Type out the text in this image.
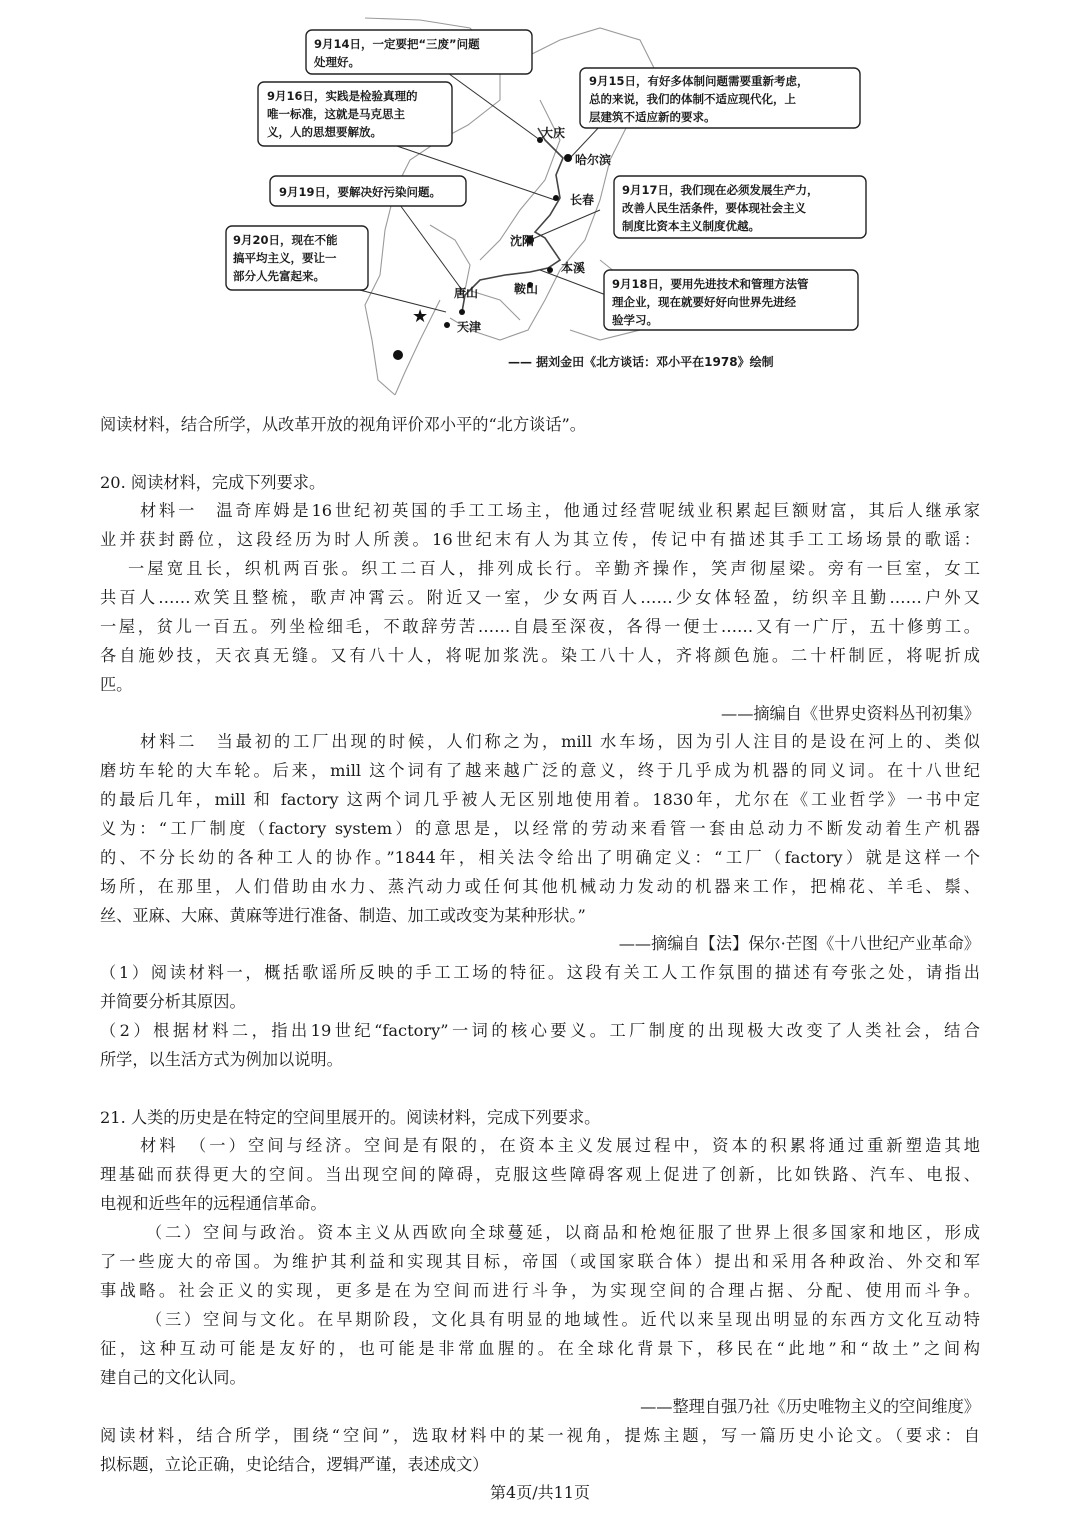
★
大庆
哈尔滨
长春
沈阳
本溪
鞍山
唐山
天津
9月14日，一定要把“三废”问题
处理好。
9月15日，有好多体制问题需要重新考虑，
总的来说，我们的体制不适应现代化，上
层建筑不适应新的要求。
9月16日，实践是检验真理的
唯一标准，这就是马克思主
义，人的思想要解放。
9月19日，要解决好污染问题。	9月17日，我们现在必须发展生产力，
改善人民生活条件，要体现社会主义
制度比资本主义制度优越。
9月20日，现在不能
搞平均主义，要让一
部分人先富起来。
9月18日，要用先进技术和管理方法管
理企业，现在就要好好向世界先进经
验学习。
—— 据刘金田《北方谈话：邓小平在1978》绘制
阅读材料，结合所学，从改革开放的视角评价邓小平的“北方谈话”。
20. 阅读材料，完成下列要求。
材料一　温奇库姆是16世纪初英国的手工工场主，他通过经营呢绒业积累起巨额财富，其后人继承家
业并获封爵位，这段经历为时人所羡。16世纪末有人为其立传，传记中有描述其手工工场场景的歌谣：
一屋宽且长，织机两百张。织工二百人，排列成长行。辛勤齐操作，笑声彻屋梁。旁有一巨室，女工
共百人……欢笑且整梳，歌声冲霄云。附近又一室，少女两百人……少女体轻盈，纺织辛且勤……户外又
一屋，贫儿一百五。列坐检细毛，不敢辞劳苦……自晨至深夜，各得一便士……又有一广厅，五十修剪工。
各自施妙技，天衣真无缝。又有八十人，将呢加浆洗。染工八十人，齐将颜色施。二十杆制匠，将呢折成
匹。
——摘编自《世界史资料丛刊初集》
材料二　当最初的工厂出现的时候，人们称之为，mill 水车场，因为引人注目的是设在河上的、类似
磨坊车轮的大车轮。后来，mill 这个词有了越来越广泛的意义，终于几乎成为机器的同义词。在十八世纪
的最后几年，mill 和 factory 这两个词几乎被人无区别地使用着。1830年，尤尔在《工业哲学》一书中定
义为：“工厂制度（factory system）的意思是，以经常的劳动来看管一套由总动力不断发动着生产机器
的、不分长幼的各种工人的协作。”1844年，相关法令给出了明确定义：“工厂（factory）就是这样一个
场所，在那里，人们借助由水力、蒸汽动力或任何其他机械动力发动的机器来工作，把棉花、羊毛、鬃、
丝、亚麻、大麻、黄麻等进行准备、制造、加工或改变为某种形状。”
——摘编自【法】保尔·芒图《十八世纪产业革命》
（1）阅读材料一，概括歌谣所反映的手工工场的特征。这段有关工人工作氛围的描述有夸张之处，请指出
并简要分析其原因。
（2）根据材料二，指出19世纪“factory”一词的核心要义。工厂制度的出现极大改变了人类社会，结合
所学，以生活方式为例加以说明。
21. 人类的历史是在特定的空间里展开的。阅读材料，完成下列要求。
材料　（一）空间与经济。空间是有限的，在资本主义发展过程中，资本的积累将通过重新塑造其地
理基础而获得更大的空间。当出现空间的障碍，克服这些障碍客观上促进了创新，比如铁路、汽车、电报、
电视和近些年的远程通信革命。
（二）空间与政治。资本主义从西欧向全球蔓延，以商品和枪炮征服了世界上很多国家和地区，形成
了一些庞大的帝国。为维护其利益和实现其目标，帝国（或国家联合体）提出和采用各种政治、外交和军
事战略。社会正义的实现，更多是在为空间而进行斗争，为实现空间的合理占据、分配、使用而斗争。
（三）空间与文化。在早期阶段，文化具有明显的地域性。近代以来呈现出明显的东西方文化互动特
征，这种互动可能是友好的，也可能是非常血腥的。在全球化背景下，移民在“此地”和“故土”之间构
建自己的文化认同。
——整理自强乃社《历史唯物主义的空间维度》
阅读材料，结合所学，围绕“空间”，选取材料中的某一视角，提炼主题，写一篇历史小论文。（要求：自
拟标题，立论正确，史论结合，逻辑严谨，表述成文）
第4页/共11页
